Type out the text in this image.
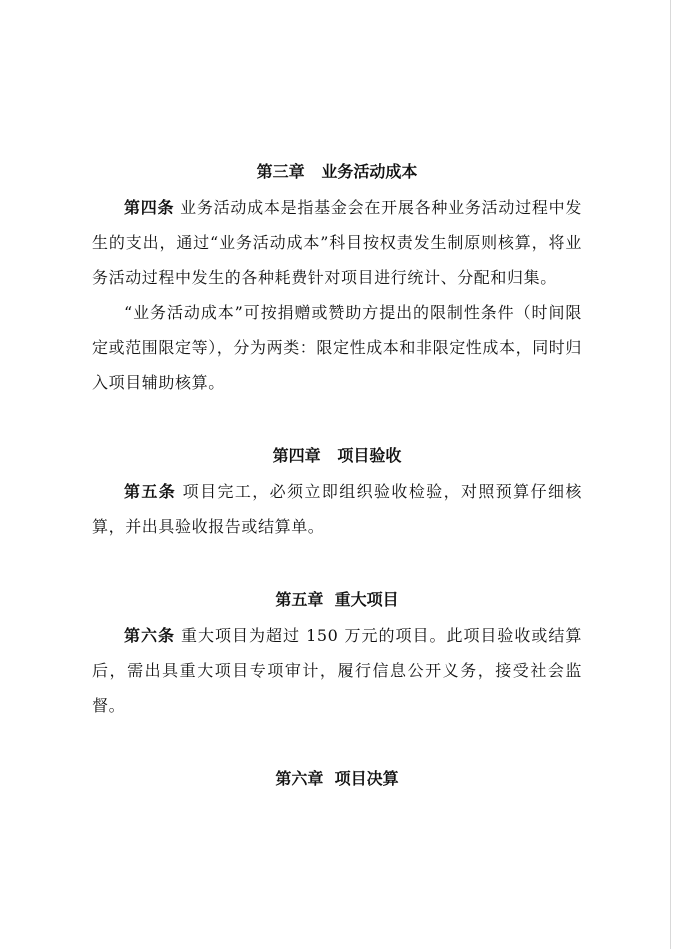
第三章   业务活动成本

第四条 业务活动成本是指基金会在开展各种业务活动过程中发生的支出，通过“业务活动成本”科目按权责发生制原则核算，将业务活动过程中发生的各种耗费针对项目进行统计、分配和归集。

“业务活动成本”可按捐赠或赞助方提出的限制性条件（时间限定或范围限定等），分为两类：限定性成本和非限定性成本，同时归入项目辅助核算。

第四章   项目验收

第五条 项目完工，必须立即组织验收检验，对照预算仔细核算，并出具验收报告或结算单。

第五章  重大项目

第六条 重大项目为超过 150 万元的项目。此项目验收或结算后，需出具重大项目专项审计，履行信息公开义务，接受社会监督。

第六章  项目决算
